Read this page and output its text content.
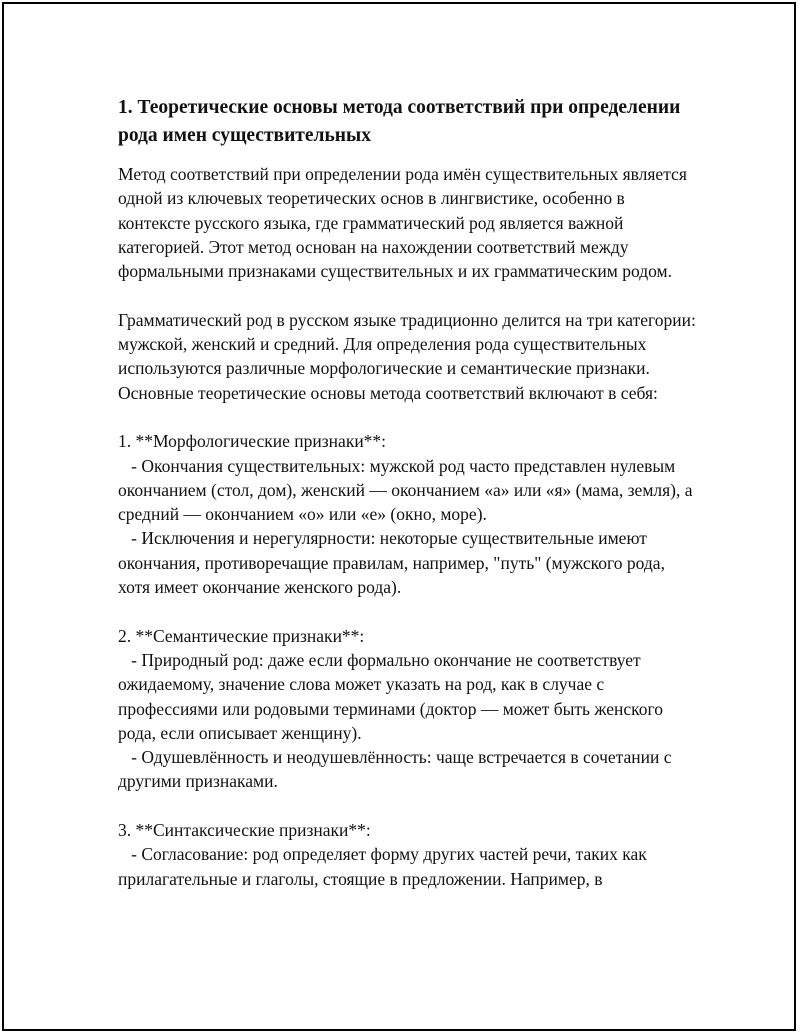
1. Теоретические основы метода соответствий при определении рода имен существительных

Метод соответствий при определении рода имён существительных является одной из ключевых теоретических основ в лингвистике, особенно в контексте русского языка, где грамматический род является важной категорией. Этот метод основан на нахождении соответствий между формальными признаками существительных и их грамматическим родом.

Грамматический род в русском языке традиционно делится на три категории: мужской, женский и средний. Для определения рода существительных используются различные морфологические и семантические признаки. Основные теоретические основы метода соответствий включают в себя:

1. **Морфологические признаки**:
- Окончания существительных: мужской род часто представлен нулевым окончанием (стол, дом), женский — окончанием «а» или «я» (мама, земля), а средний — окончанием «о» или «е» (окно, море).
- Исключения и нерегулярности: некоторые существительные имеют окончания, противоречащие правилам, например, "путь" (мужского рода, хотя имеет окончание женского рода).

2. **Семантические признаки**:
- Природный род: даже если формально окончание не соответствует ожидаемому, значение слова может указать на род, как в случае с профессиями или родовыми терминами (доктор — может быть женского рода, если описывает женщину).
- Одушевлённость и неодушевлённость: чаще встречается в сочетании с другими признаками.

3. **Синтаксические признаки**:
- Согласование: род определяет форму других частей речи, таких как прилагательные и глаголы, стоящие в предложении. Например, в
